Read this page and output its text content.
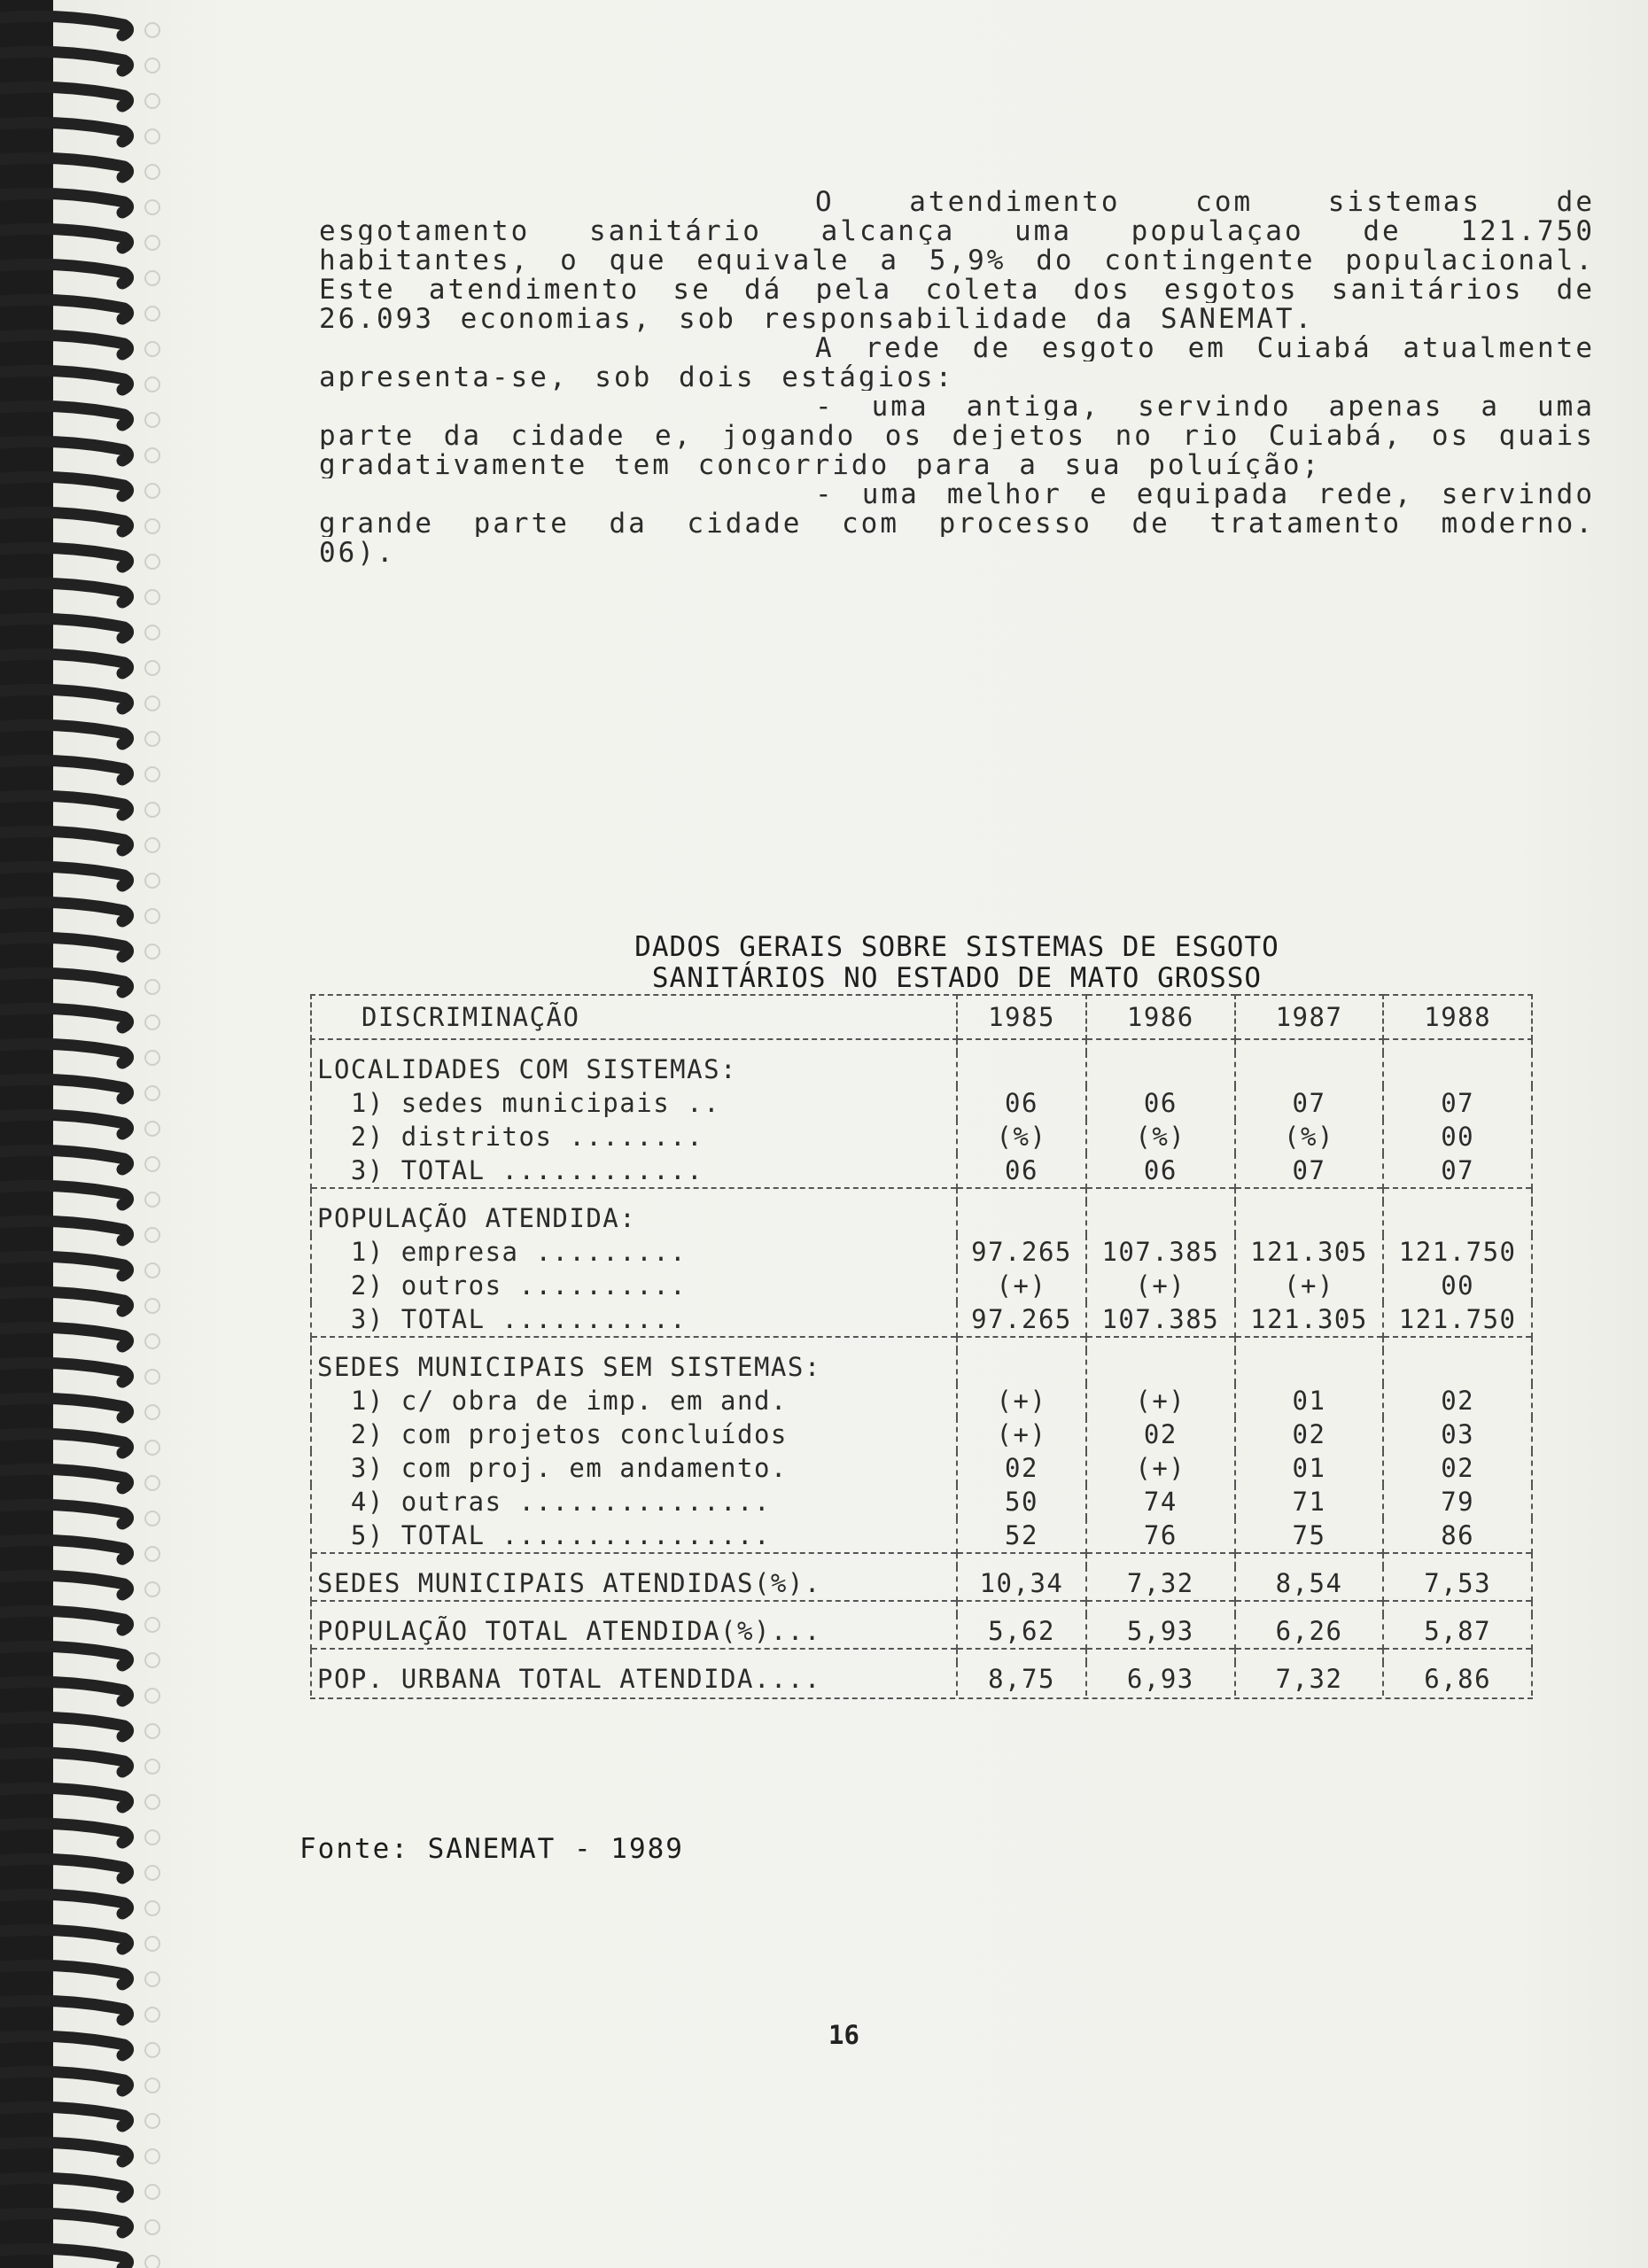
O atendimento com sistemas de
esgotamento sanitário alcança uma populaçao de 121.750
habitantes, o que equivale a 5,9% do contingente populacional.
Este atendimento se dá pela coleta dos esgotos sanitários de
26.093 economias, sob responsabilidade da SANEMAT.
A rede de esgoto em Cuiabá atualmente
apresenta-se, sob dois estágios:
- uma antiga, servindo apenas a uma
parte da cidade e, jogando os dejetos no rio Cuiabá, os quais
gradativamente tem concorrido para a sua poluíção;
- uma melhor e equipada rede, servindo
grande parte da cidade com processo de tratamento moderno.
06).
DADOS GERAIS SOBRE SISTEMAS DE ESGOTO
SANITÁRIOS NO ESTADO DE MATO GROSSO
DISCRIMINAÇÃO	1985	1986	1987	1988

LOCALIDADES COM SISTEMAS:				
1) sedes municipais ..	06	06	07	07
2) distritos ........	(%)	(%)	(%)	00
3) TOTAL ............	06	06	07	07

POPULAÇÃO ATENDIDA:				
1) empresa .........	97.265	107.385	121.305	121.750
2) outros ..........	(+)	(+)	(+)	00
3) TOTAL ...........	97.265	107.385	121.305	121.750

SEDES MUNICIPAIS SEM SISTEMAS:				
1) c/ obra de imp. em and.	(+)	(+)	01	02
2) com projetos concluídos	(+)	02	02	03
3) com proj. em andamento.	02	(+)	01	02
4) outras ...............	50	74	71	79
5) TOTAL ................	52	76	75	86

SEDES MUNICIPAIS ATENDIDAS(%).	10,34	7,32	8,54	7,53

POPULAÇÃO TOTAL ATENDIDA(%)...	5,62	5,93	6,26	5,87

POP. URBANA TOTAL ATENDIDA....	8,75	6,93	7,32	6,86
Fonte: SANEMAT - 1989
16
